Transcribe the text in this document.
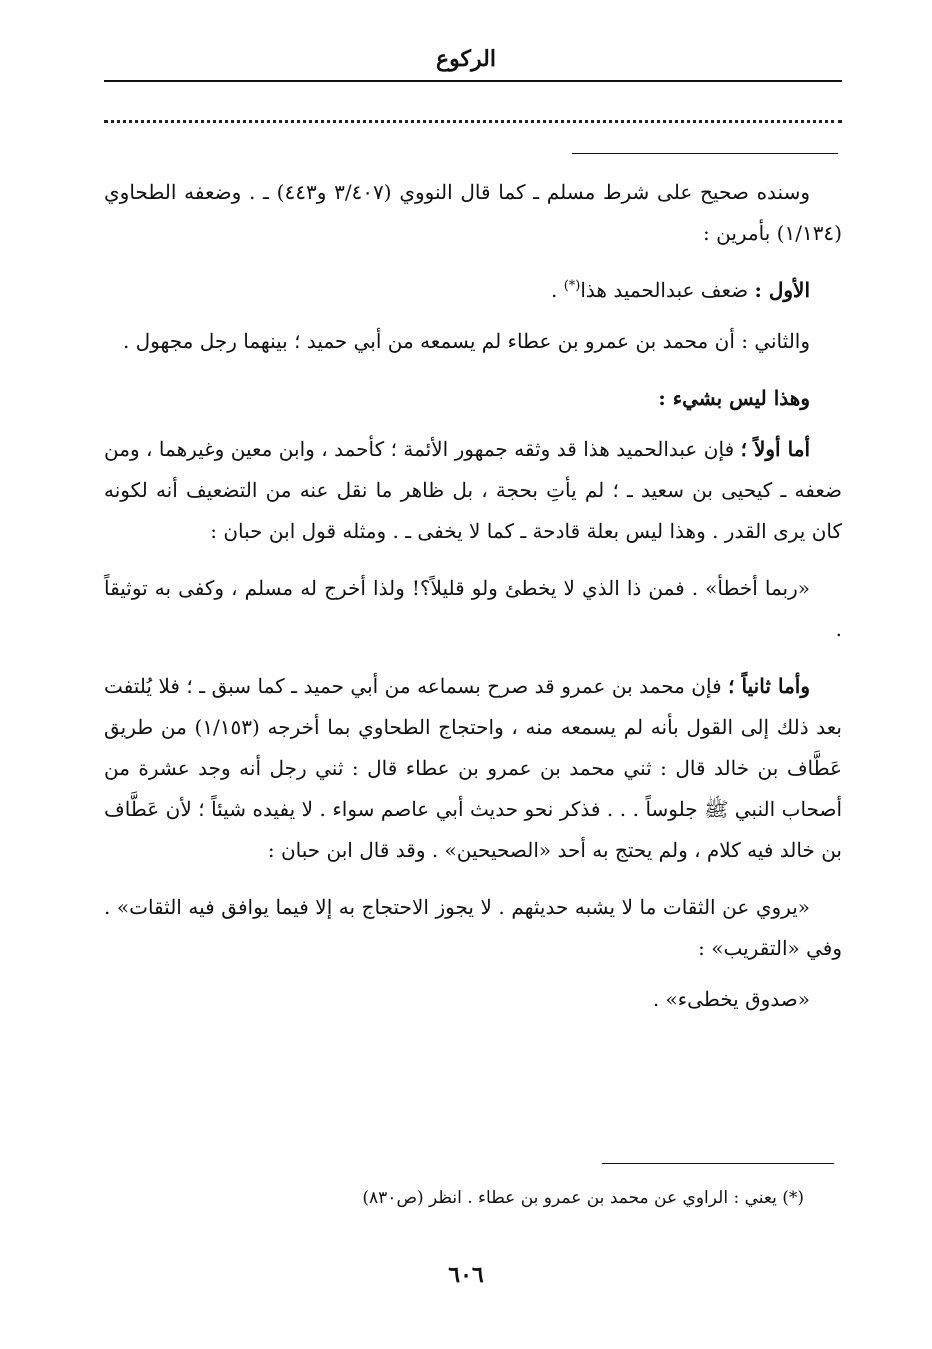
الركوع

وسنده صحيح على شرط مسلم ـ كما قال النووي (٣/٤٠٧ و٤٤٣) ـ . وضعفه الطحاوي (١/١٣٤) بأمرين :

الأول : ضعف عبدالحميد هذا(*) .

والثاني : أن محمد بن عمرو بن عطاء لم يسمعه من أبي حميد ؛ بينهما رجل مجهول .

وهذا ليس بشيء :

أما أولاً ؛ فإن عبدالحميد هذا قد وثقه جمهور الأئمة ؛ كأحمد ، وابن معين وغيرهما ، ومن ضعفه ـ كيحيى بن سعيد ـ ؛ لم يأتِ بحجة ، بل ظاهر ما نقل عنه من التضعيف أنه لكونه كان يرى القدر . وهذا ليس بعلة قادحة ـ كما لا يخفى ـ . ومثله قول ابن حبان :

«ربما أخطأ» . فمن ذا الذي لا يخطئ ولو قليلاً؟! ولذا أخرج له مسلم ، وكفى به توثيقاً .

وأما ثانياً ؛ فإن محمد بن عمرو قد صرح بسماعه من أبي حميد ـ كما سبق ـ ؛ فلا يُلتفت بعد ذلك إلى القول بأنه لم يسمعه منه ، واحتجاج الطحاوي بما أخرجه (١/١٥٣) من طريق عَطَّاف بن خالد قال : ثني محمد بن عمرو بن عطاء قال : ثني رجل أنه وجد عشرة من أصحاب النبي ﷺ جلوساً . . . فذكر نحو حديث أبي عاصم سواء . لا يفيده شيئاً ؛ لأن عَطَّاف بن خالد فيه كلام ، ولم يحتج به أحد «الصحيحين» . وقد قال ابن حبان :

«يروي عن الثقات ما لا يشبه حديثهم . لا يجوز الاحتجاج به إلا فيما يوافق فيه الثقات» . وفي «التقريب» :

«صدوق يخطىء» .

(*) يعني : الراوي عن محمد بن عمرو بن عطاء . انظر (ص٨٣٠)
٦٠٦
